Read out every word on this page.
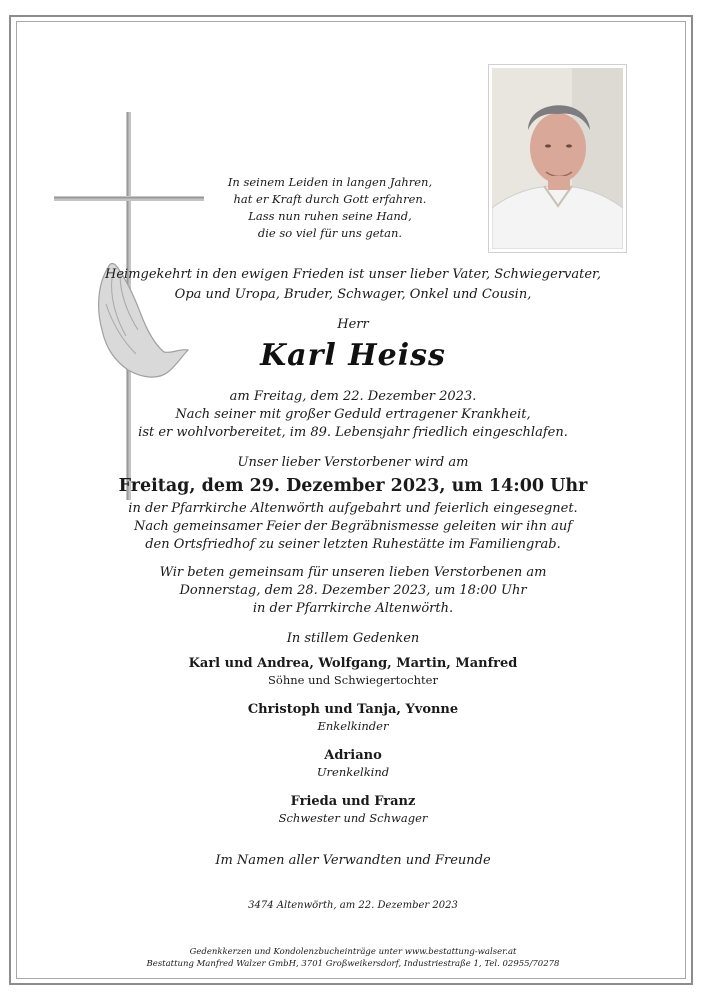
In seinem Leiden in langen Jahren,
hat er Kraft durch Gott erfahren.
Lass nun ruhen seine Hand,
die so viel für uns getan.

Heimgekehrt in den ewigen Frieden ist unser lieber Vater, Schwiegervater,

Opa und Uropa, Bruder, Schwager, Onkel und Cousin,

Herr

Karl Heiss

am Freitag, dem 22. Dezember 2023.

Nach seiner mit großer Geduld ertragener Krankheit,

ist er wohlvorbereitet, im 89. Lebensjahr friedlich eingeschlafen.

Unser lieber Verstorbener wird am

Freitag, dem 29. Dezember 2023, um 14:00 Uhr

in der Pfarrkirche Altenwörth aufgebahrt und feierlich eingesegnet.

Nach gemeinsamer Feier der Begräbnismesse geleiten wir ihn auf

den Ortsfriedhof zu seiner letzten Ruhestätte im Familiengrab.

Wir beten gemeinsam für unseren lieben Verstorbenen am

Donnerstag, dem 28. Dezember 2023, um 18:00 Uhr

in der Pfarrkirche Altenwörth.

In stillem Gedenken

Karl und Andrea, Wolfgang, Martin, Manfred

Söhne und Schwiegertochter

Christoph und Tanja, Yvonne

Enkelkinder

Adriano

Urenkelkind

Frieda und Franz

Schwester und Schwager

Im Namen aller Verwandten und Freunde

3474 Altenwörth, am 22. Dezember 2023

Gedenkkerzen und Kondolenzbucheinträge unter www.bestattung-walser.at

Bestattung Manfred Walzer GmbH, 3701 Großweikersdorf, Industriestraße 1, Tel. 02955/70278
